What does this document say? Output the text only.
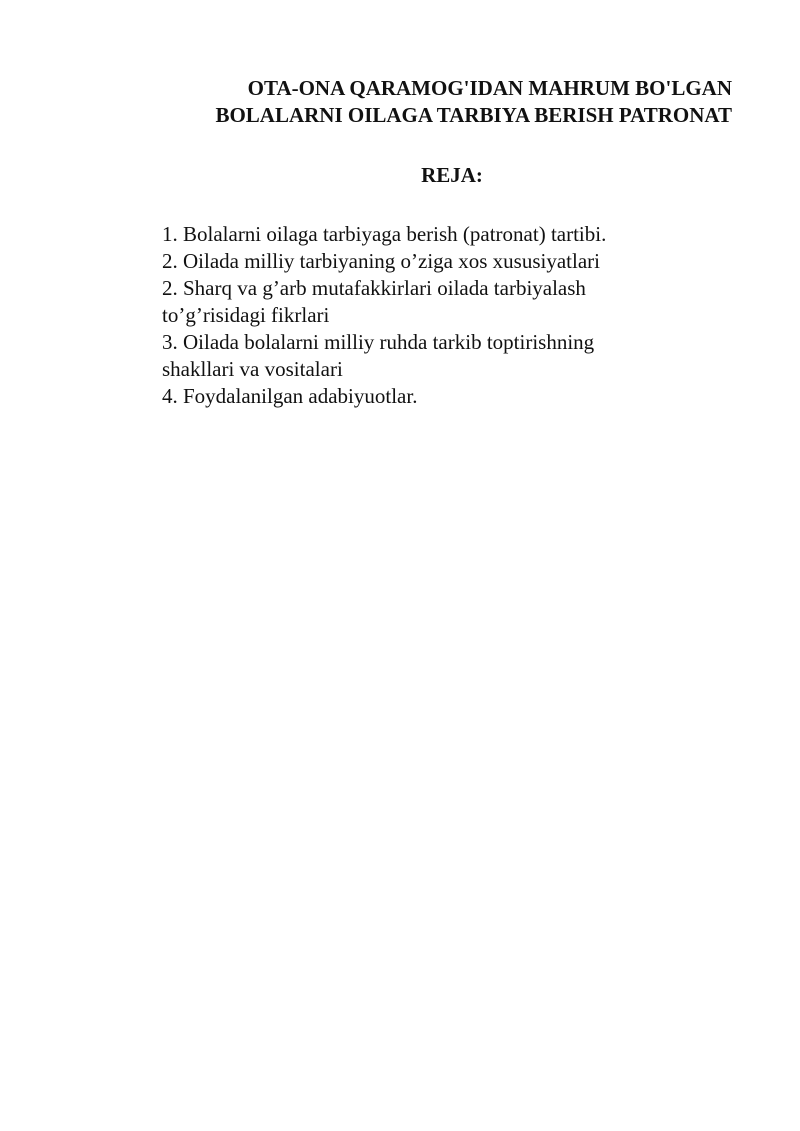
OTA-ONA QARAMOG'IDAN MAHRUM BO'LGAN
BOLALARNI OILAGA TARBIYA BERISH PATRONAT
REJA:
1. Bolalarni oilaga tarbiyaga berish (patronat) tartibi.
2. Oilada milliy tarbiyaning o’ziga xos xususiyatlari
2. Sharq va g’arb mutafakkirlari oilada tarbiyalash
to’g’risidagi fikrlari
3. Oilada bolalarni milliy ruhda tarkib toptirishning
shakllari va vositalari
4. Foydalanilgan adabiyuotlar.
